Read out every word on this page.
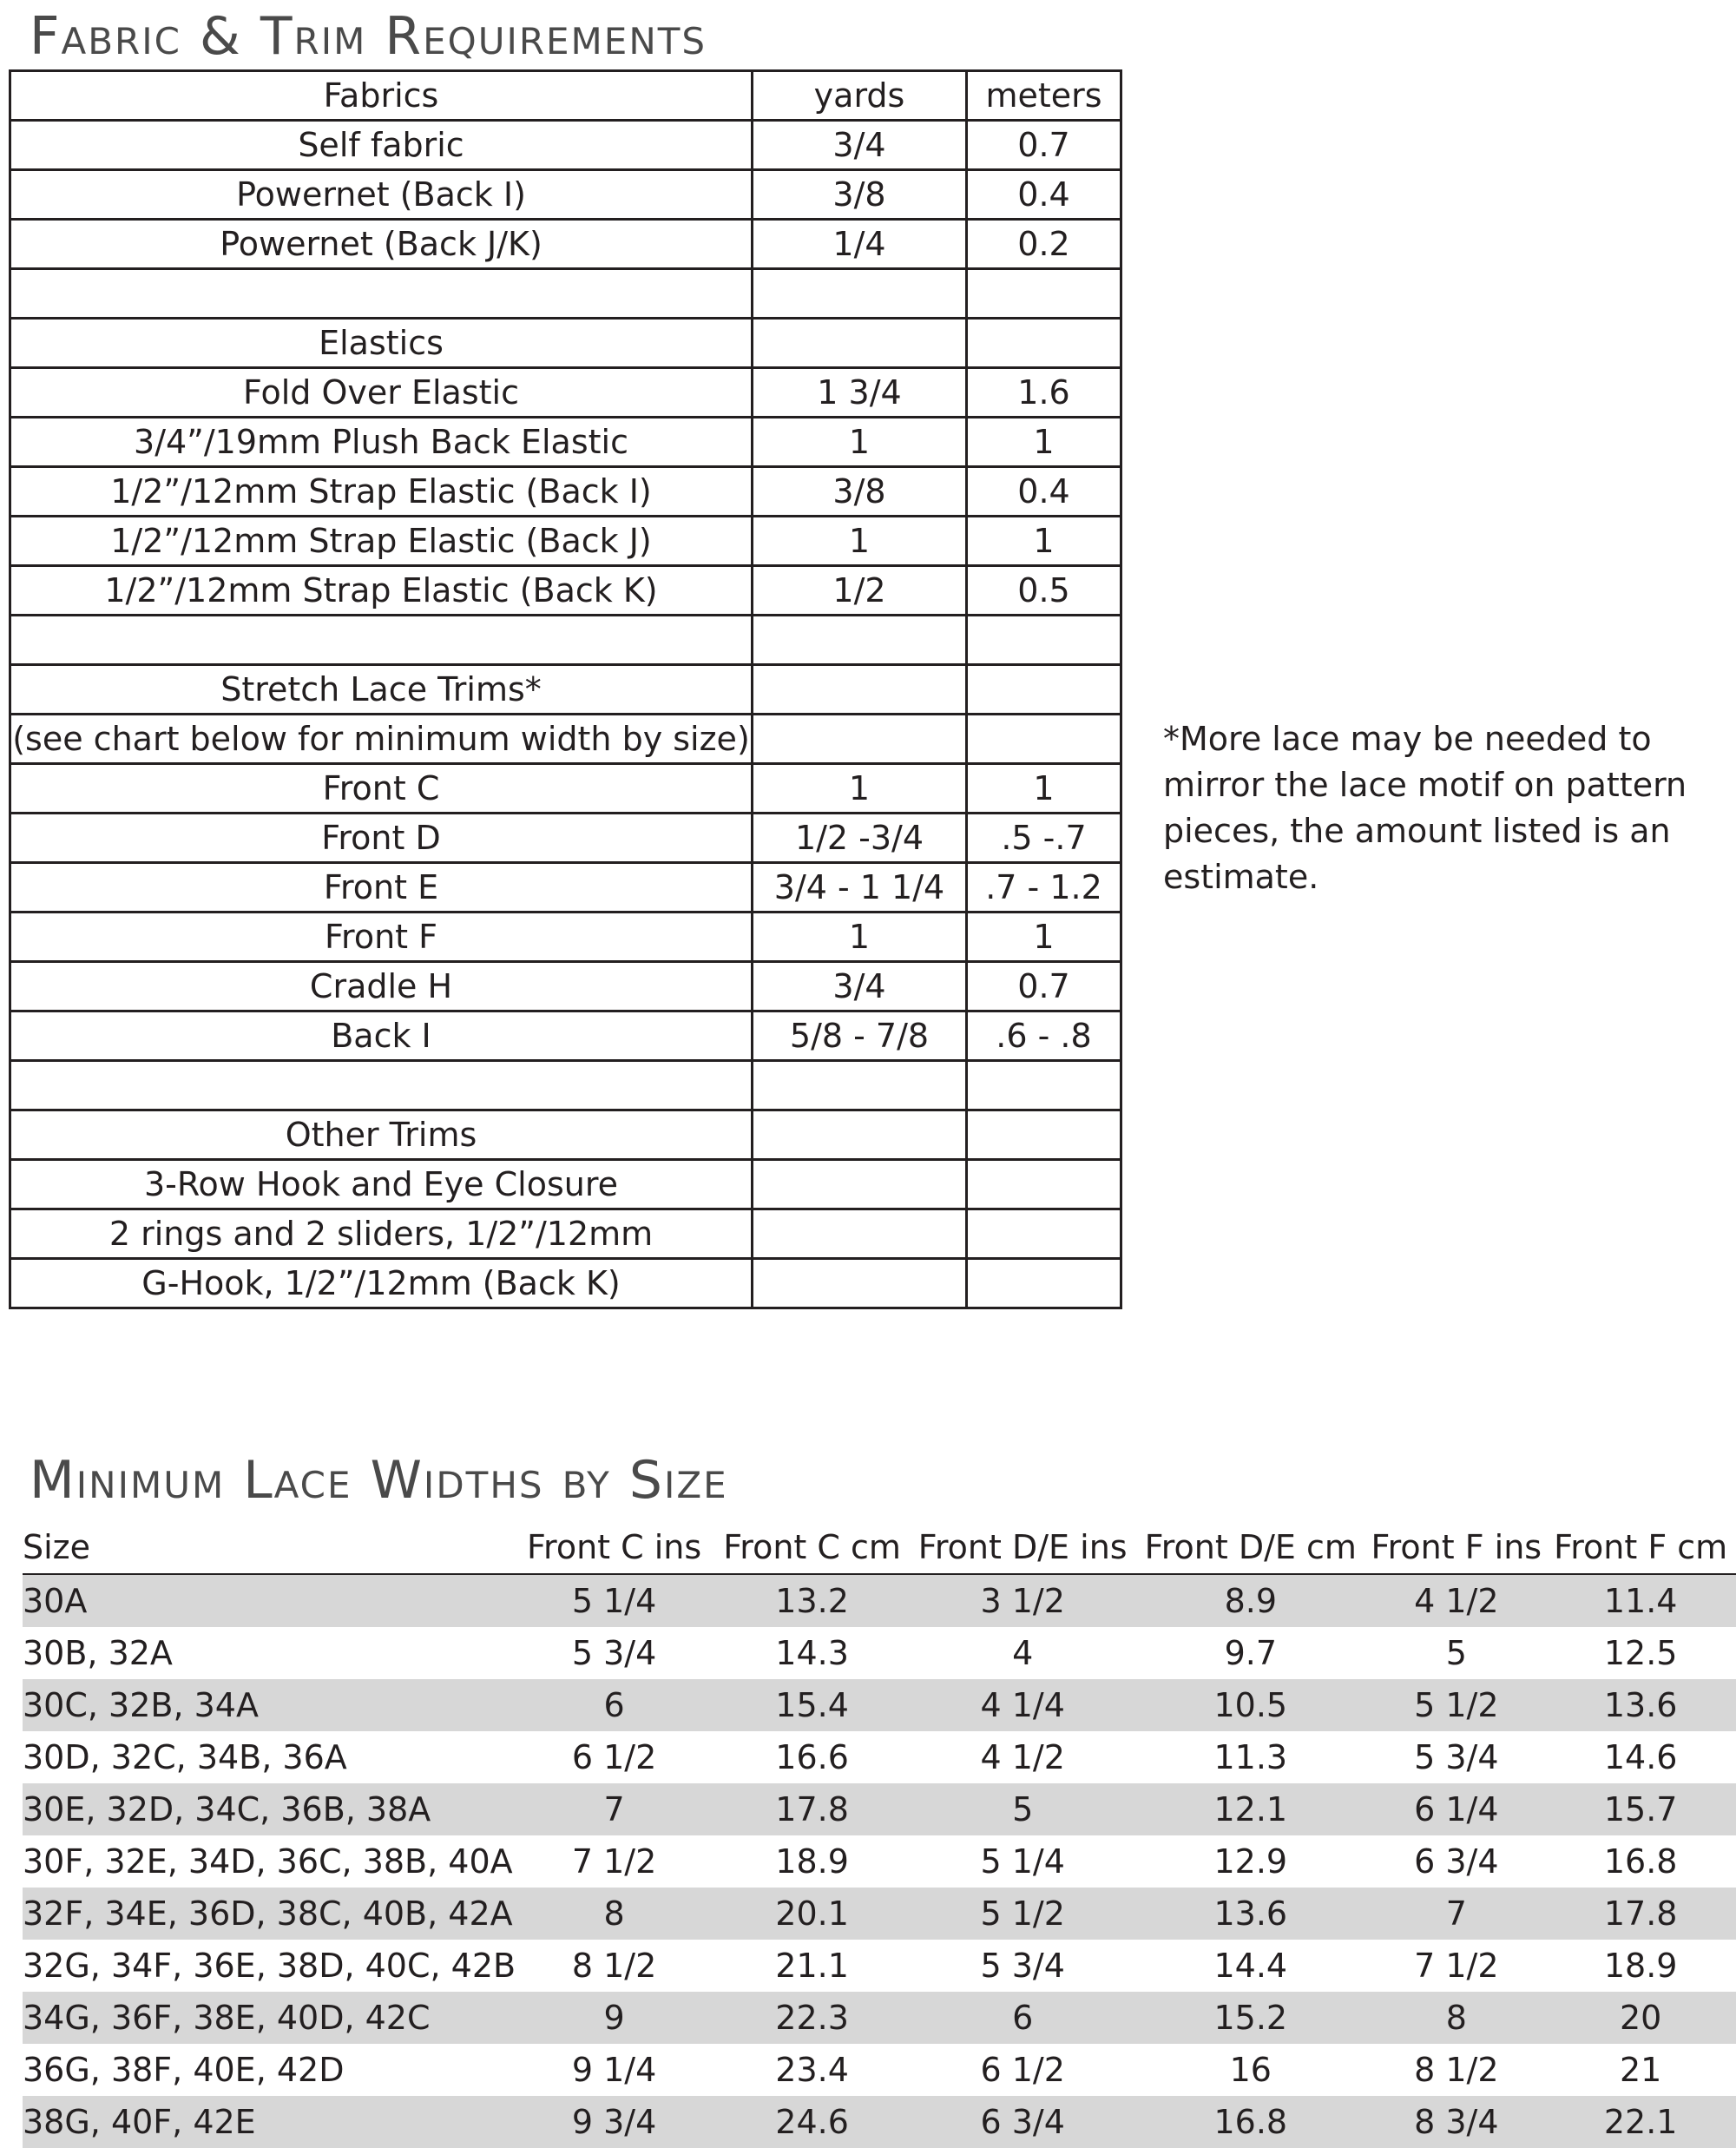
Fabric & Trim Requirements
Fabrics	yards	meters
Self fabric	3/4	0.7
Powernet (Back I)	3/8	0.4
Powernet (Back J/K)	1/4	0.2

Elastics		
Fold Over Elastic	1 3/4	1.6
3/4”/19mm Plush Back Elastic	1	1
1/2”/12mm Strap Elastic (Back I)	3/8	0.4
1/2”/12mm Strap Elastic (Back J)	1	1
1/2”/12mm Strap Elastic (Back K)	1/2	0.5

Stretch Lace Trims*		
(see chart below for minimum width by size)		
Front C	1	1
Front D	1/2 -3/4	.5 -.7
Front E	3/4 - 1 1/4	.7 - 1.2
Front F	1	1
Cradle H	3/4	0.7
Back I	5/8 - 7/8	.6 - .8

Other Trims		
3-Row Hook and Eye Closure		
2 rings and 2 sliders, 1/2”/12mm		
G-Hook, 1/2”/12mm (Back K)		

*More lace may be needed to mirror the lace motif on pattern pieces, the amount listed is an estimate.

Minimum Lace Widths by Size
Size	Front C ins	Front C cm	Front D/E ins	Front D/E cm	Front F ins	Front F cm
30A	5 1/4	13.2	3 1/2	8.9	4 1/2	11.4
30B, 32A	5 3/4	14.3	4	9.7	5	12.5
30C, 32B, 34A	6	15.4	4 1/4	10.5	5 1/2	13.6
30D, 32C, 34B, 36A	6 1/2	16.6	4 1/2	11.3	5 3/4	14.6
30E, 32D, 34C, 36B, 38A	7	17.8	5	12.1	6 1/4	15.7
30F, 32E, 34D, 36C, 38B, 40A	7 1/2	18.9	5 1/4	12.9	6 3/4	16.8
32F, 34E, 36D, 38C, 40B, 42A	8	20.1	5 1/2	13.6	7	17.8
32G, 34F, 36E, 38D, 40C, 42B	8 1/2	21.1	5 3/4	14.4	7 1/2	18.9
34G, 36F, 38E, 40D, 42C	9	22.3	6	15.2	8	20
36G, 38F, 40E, 42D	9 1/4	23.4	6 1/2	16	8 1/2	21
38G, 40F, 42E	9 3/4	24.6	6 3/4	16.8	8 3/4	22.1
